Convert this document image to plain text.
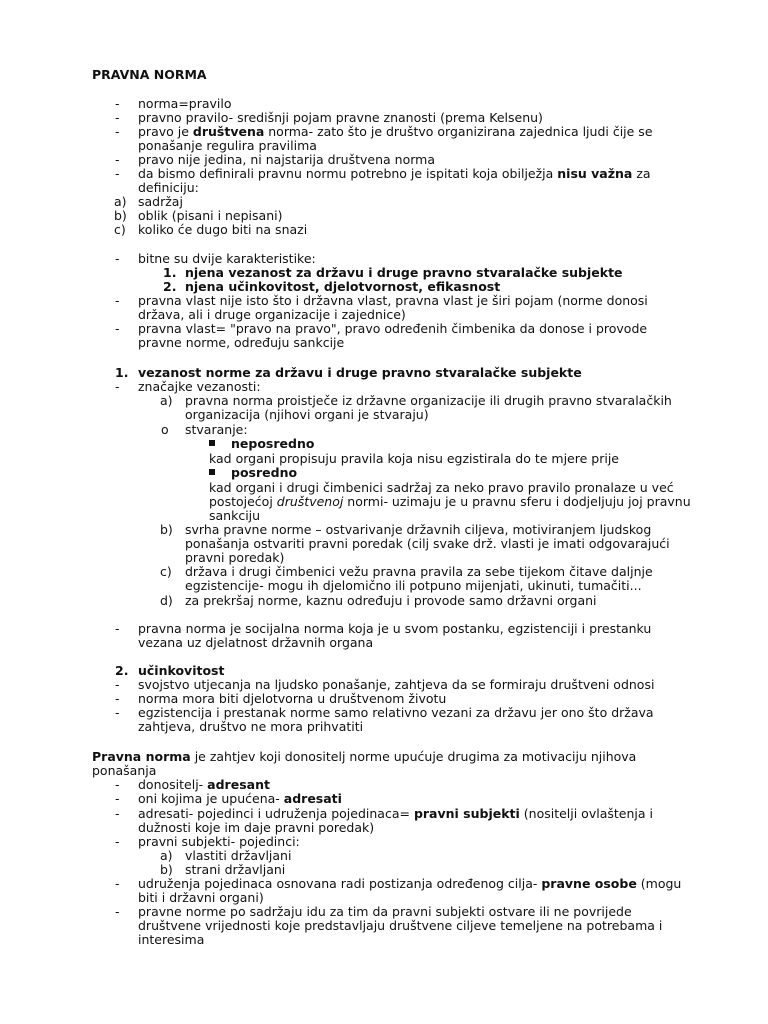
PRAVNA NORMA
- norma=pravilo
- pravno pravilo- središnji pojam pravne znanosti (prema Kelsenu)
- pravo je društvena norma- zato što je društvo organizirana zajednica ljudi čije se
ponašanje regulira pravilima
- pravo nije jedina, ni najstarija društvena norma
- da bismo definirali pravnu normu potrebno je ispitati koja obilježja nisu važna za
definiciju:
a) sadržaj
b) oblik (pisani i nepisani)
c) koliko će dugo biti na snazi
- bitne su dvije karakteristike:
1. njena vezanost za državu i druge pravno stvaralačke subjekte
2. njena učinkovitost, djelotvornost, efikasnost
- pravna vlast nije isto što i državna vlast, pravna vlast je širi pojam (norme donosi
država, ali i druge organizacije i zajednice)
- pravna vlast= "pravo na pravo", pravo određenih čimbenika da donose i provode
pravne norme, određuju sankcije
1. vezanost norme za državu i druge pravno stvaralačke subjekte
- značajke vezanosti:
a) pravna norma proistječe iz državne organizacije ili drugih pravno stvaralačkih
organizacija (njihovi organi je stvaraju)
o stvaranje:
neposredno
kad organi propisuju pravila koja nisu egzistirala do te mjere prije
posredno
kad organi i drugi čimbenici sadržaj za neko pravo pravilo pronalaze u već
postojećoj društvenoj normi- uzimaju je u pravnu sferu i dodjeljuju joj pravnu
sankciju
b) svrha pravne norme – ostvarivanje državnih ciljeva, motiviranjem ljudskog
ponašanja ostvariti pravni poredak (cilj svake drž. vlasti je imati odgovarajući
pravni poredak)
c) država i drugi čimbenici vežu pravna pravila za sebe tijekom čitave daljnje
egzistencije- mogu ih djelomično ili potpuno mijenjati, ukinuti, tumačiti...
d) za prekršaj norme, kaznu određuju i provode samo državni organi
- pravna norma je socijalna norma koja je u svom postanku, egzistenciji i prestanku
vezana uz djelatnost državnih organa
2. učinkovitost
- svojstvo utjecanja na ljudsko ponašanje, zahtjeva da se formiraju društveni odnosi
- norma mora biti djelotvorna u društvenom životu
- egzistencija i prestanak norme samo relativno vezani za državu jer ono što država
zahtjeva, društvo ne mora prihvatiti
Pravna norma je zahtjev koji donositelj norme upućuje drugima za motivaciju njihova
ponašanja
- donositelj- adresant
- oni kojima je upućena- adresati
- adresati- pojedinci i udruženja pojedinaca= pravni subjekti (nositelji ovlaštenja i
dužnosti koje im daje pravni poredak)
- pravni subjekti- pojedinci:
a) vlastiti državljani
b) strani državljani
- udruženja pojedinaca osnovana radi postizanja određenog cilja- pravne osobe (mogu
biti i državni organi)
- pravne norme po sadržaju idu za tim da pravni subjekti ostvare ili ne povrijede
društvene vrijednosti koje predstavljaju društvene ciljeve temeljene na potrebama i
interesima
